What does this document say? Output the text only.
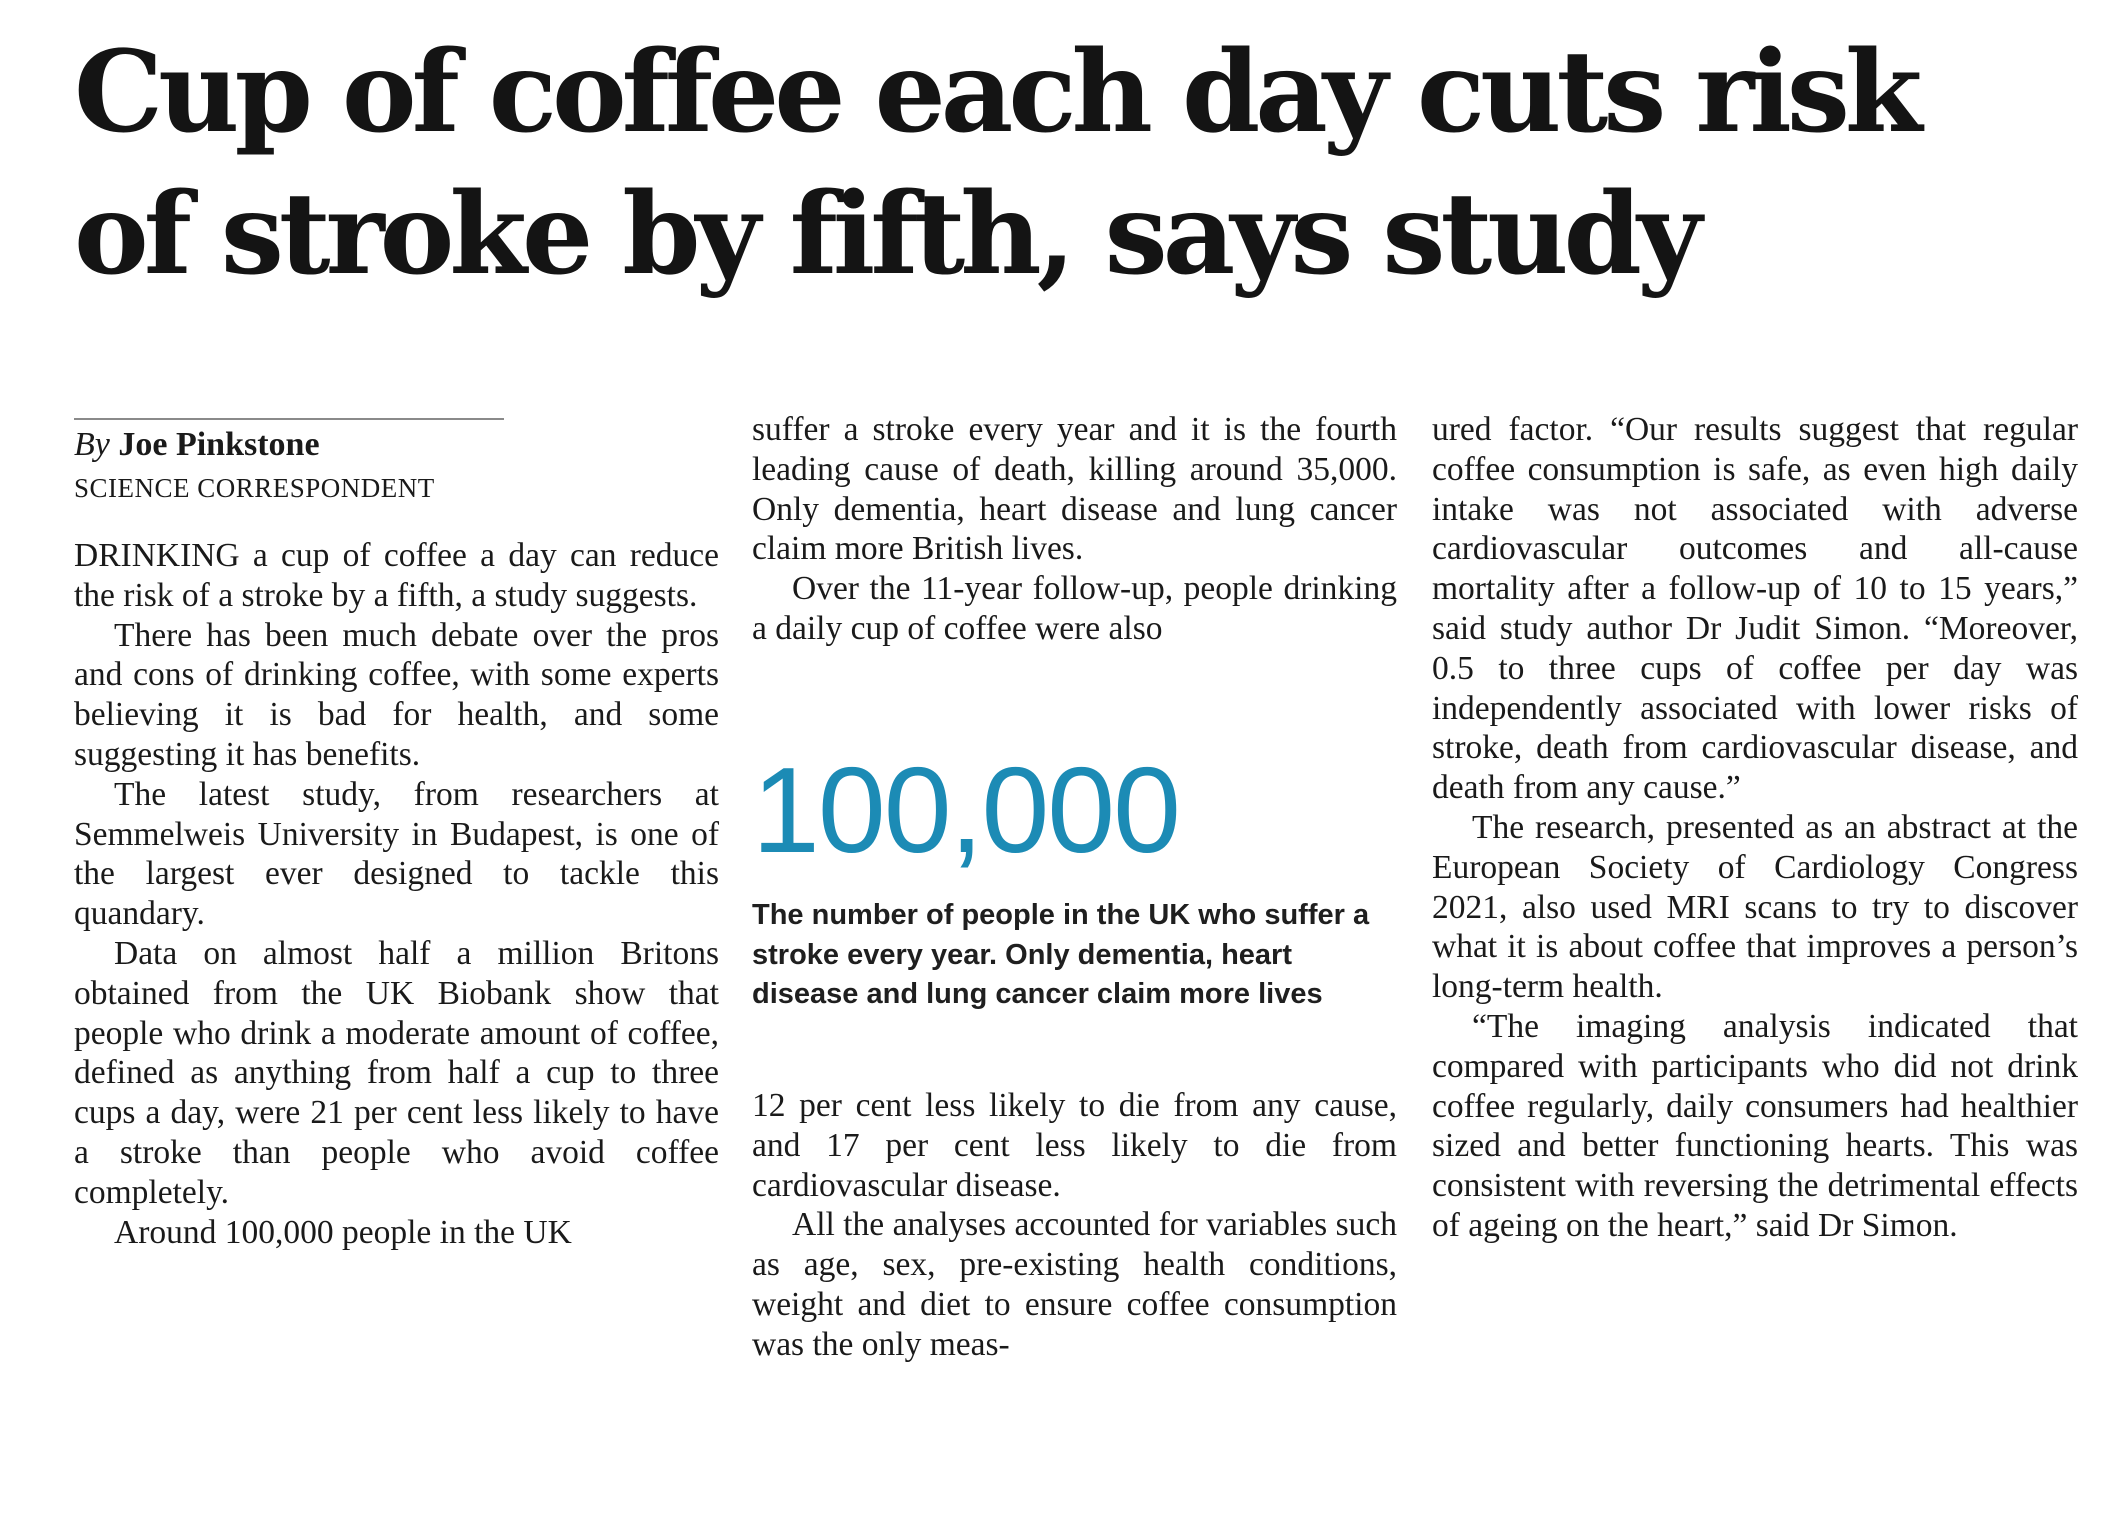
Cup of coffee each day cuts risk
of stroke by fifth, says study
By Joe Pinkstone
SCIENCE CORRESPONDENT

DRINKING a cup of coffee a day can reduce the risk of a stroke by a fifth, a study suggests.

There has been much debate over the pros and cons of drinking coffee, with some experts believing it is bad for health, and some suggesting it has benefits.

The latest study, from researchers at Semmelweis University in Budapest, is one of the largest ever designed to tackle this quandary.

Data on almost half a million Britons obtained from the UK Biobank show that people who drink a moderate amount of coffee, defined as anything from half a cup to three cups a day, were 21 per cent less likely to have a stroke than people who avoid coffee completely.

Around 100,000 people in the UK

suffer a stroke every year and it is the fourth leading cause of death, killing around 35,000. Only dementia, heart disease and lung cancer claim more British lives.

Over the 11-year follow-up, people drinking a daily cup of coffee were also

100,000
The number of people in the UK who suffer a stroke every year. Only dementia, heart disease and lung cancer claim more lives

12 per cent less likely to die from any cause, and 17 per cent less likely to die from cardiovascular disease.

All the analyses accounted for variables such as age, sex, pre-existing health conditions, weight and diet to ensure coffee consumption was the only meas-

ured factor. “Our results suggest that regular coffee consumption is safe, as even high daily intake was not associated with adverse cardiovascular outcomes and all-cause mortality after a follow-up of 10 to 15 years,” said study author Dr Judit Simon. “Moreover, 0.5 to three cups of coffee per day was independently associated with lower risks of stroke, death from cardiovascular disease, and death from any cause.”

The research, presented as an abstract at the European Society of Cardiology Congress 2021, also used MRI scans to try to discover what it is about coffee that improves a person’s long-term health.

“The imaging analysis indicated that compared with participants who did not drink coffee regularly, daily consumers had healthier sized and better functioning hearts. This was consistent with reversing the detrimental effects of ageing on the heart,” said Dr Simon.
